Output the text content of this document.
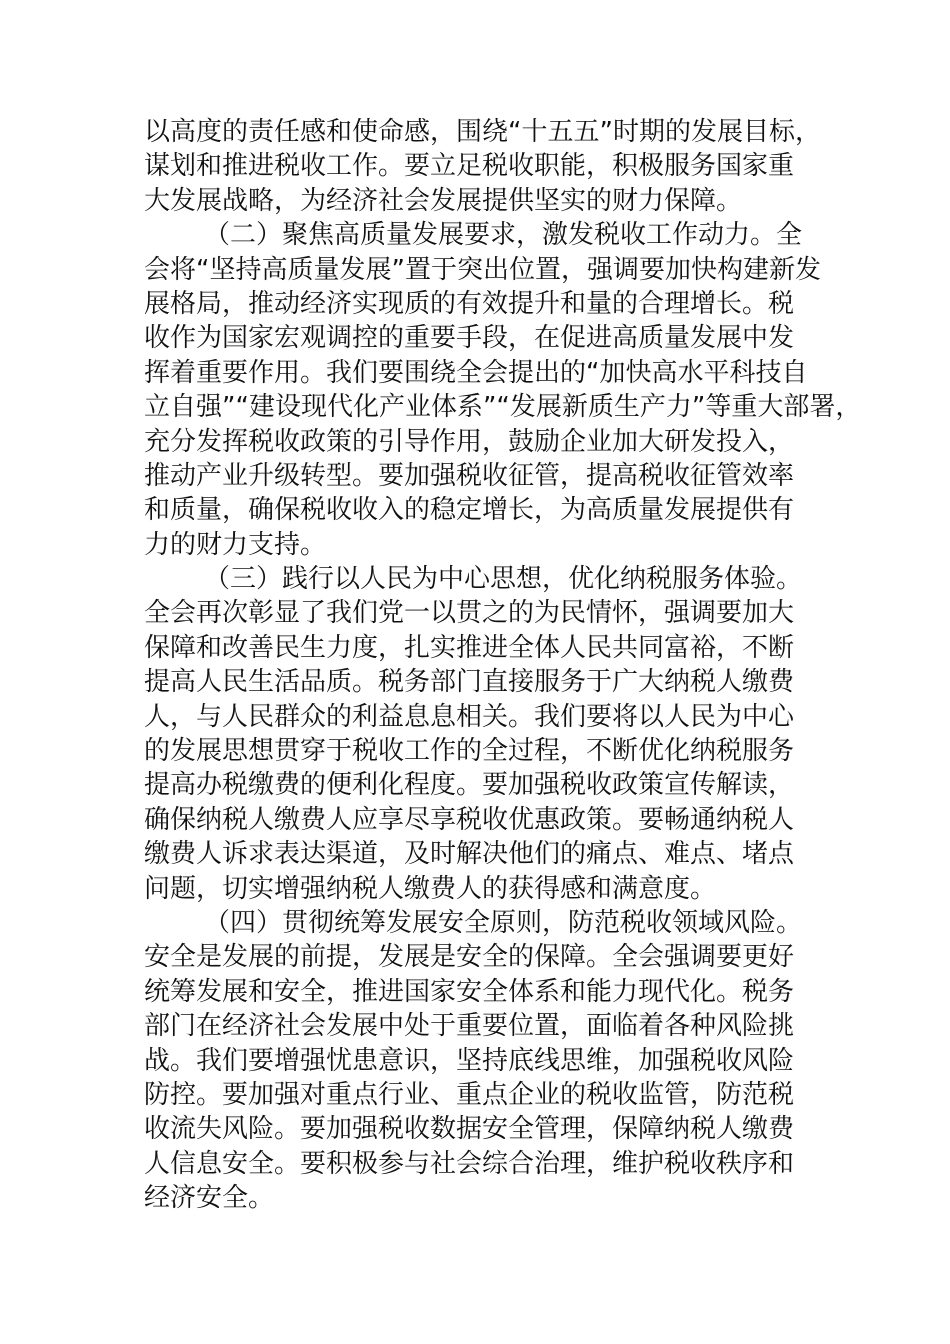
以高度的责任感和使命感，围绕“十五五”时期的发展目标，
谋划和推进税收工作。要立足税收职能，积极服务国家重
大发展战略，为经济社会发展提供坚实的财力保障。
（二）聚焦高质量发展要求，激发税收工作动力。全
会将“坚持高质量发展”置于突出位置，强调要加快构建新发
展格局，推动经济实现质的有效提升和量的合理增长。税
收作为国家宏观调控的重要手段，在促进高质量发展中发
挥着重要作用。我们要围绕全会提出的“加快高水平科技自
立自强”“建设现代化产业体系”“发展新质生产力”等重大部署，
充分发挥税收政策的引导作用，鼓励企业加大研发投入，
推动产业升级转型。要加强税收征管，提高税收征管效率
和质量，确保税收收入的稳定增长，为高质量发展提供有
力的财力支持。
（三）践行以人民为中心思想，优化纳税服务体验。
全会再次彰显了我们党一以贯之的为民情怀，强调要加大
保障和改善民生力度，扎实推进全体人民共同富裕，不断
提高人民生活品质。税务部门直接服务于广大纳税人缴费
人，与人民群众的利益息息相关。我们要将以人民为中心
的发展思想贯穿于税收工作的全过程，不断优化纳税服务
提高办税缴费的便利化程度。要加强税收政策宣传解读，
确保纳税人缴费人应享尽享税收优惠政策。要畅通纳税人
缴费人诉求表达渠道，及时解决他们的痛点、难点、堵点
问题，切实增强纳税人缴费人的获得感和满意度。
（四）贯彻统筹发展安全原则，防范税收领域风险。
安全是发展的前提，发展是安全的保障。全会强调要更好
统筹发展和安全，推进国家安全体系和能力现代化。税务
部门在经济社会发展中处于重要位置，面临着各种风险挑
战。我们要增强忧患意识，坚持底线思维，加强税收风险
防控。要加强对重点行业、重点企业的税收监管，防范税
收流失风险。要加强税收数据安全管理，保障纳税人缴费
人信息安全。要积极参与社会综合治理，维护税收秩序和
经济安全。
